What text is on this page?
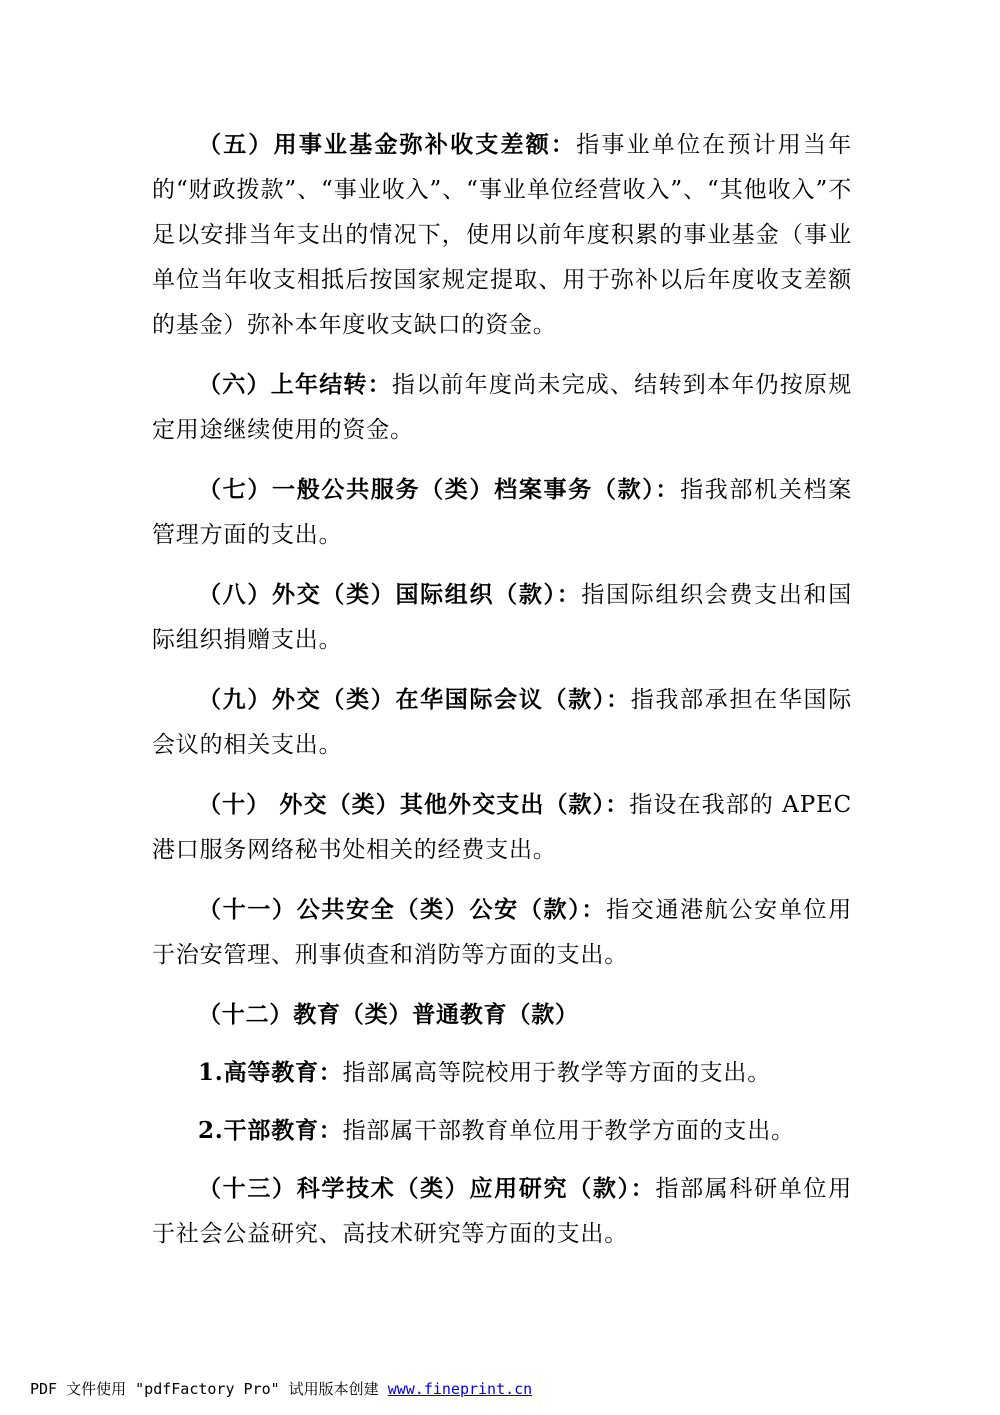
（五）用事业基金弥补收支差额：指事业单位在预计用当年的“财政拨款”、“事业收入”、“事业单位经营收入”、“其他收入”不足以安排当年支出的情况下，使用以前年度积累的事业基金（事业单位当年收支相抵后按国家规定提取、用于弥补以后年度收支差额的基金）弥补本年度收支缺口的资金。

（六）上年结转：指以前年度尚未完成、结转到本年仍按原规定用途继续使用的资金。

（七）一般公共服务（类）档案事务（款）：指我部机关档案管理方面的支出。

（八）外交（类）国际组织（款）：指国际组织会费支出和国际组织捐赠支出。

（九）外交（类）在华国际会议（款）：指我部承担在华国际会议的相关支出。

（十） 外交（类）其他外交支出（款）：指设在我部的 APEC 港口服务网络秘书处相关的经费支出。

（十一）公共安全（类）公安（款）：指交通港航公安单位用于治安管理、刑事侦查和消防等方面的支出。

（十二）教育（类）普通教育（款）

1.高等教育：指部属高等院校用于教学等方面的支出。

2.干部教育：指部属干部教育单位用于教学方面的支出。

（十三）科学技术（类）应用研究（款）：指部属科研单位用于社会公益研究、高技术研究等方面的支出。

PDF 文件使用 "pdfFactory Pro" 试用版本创建 www.fineprint.cn
